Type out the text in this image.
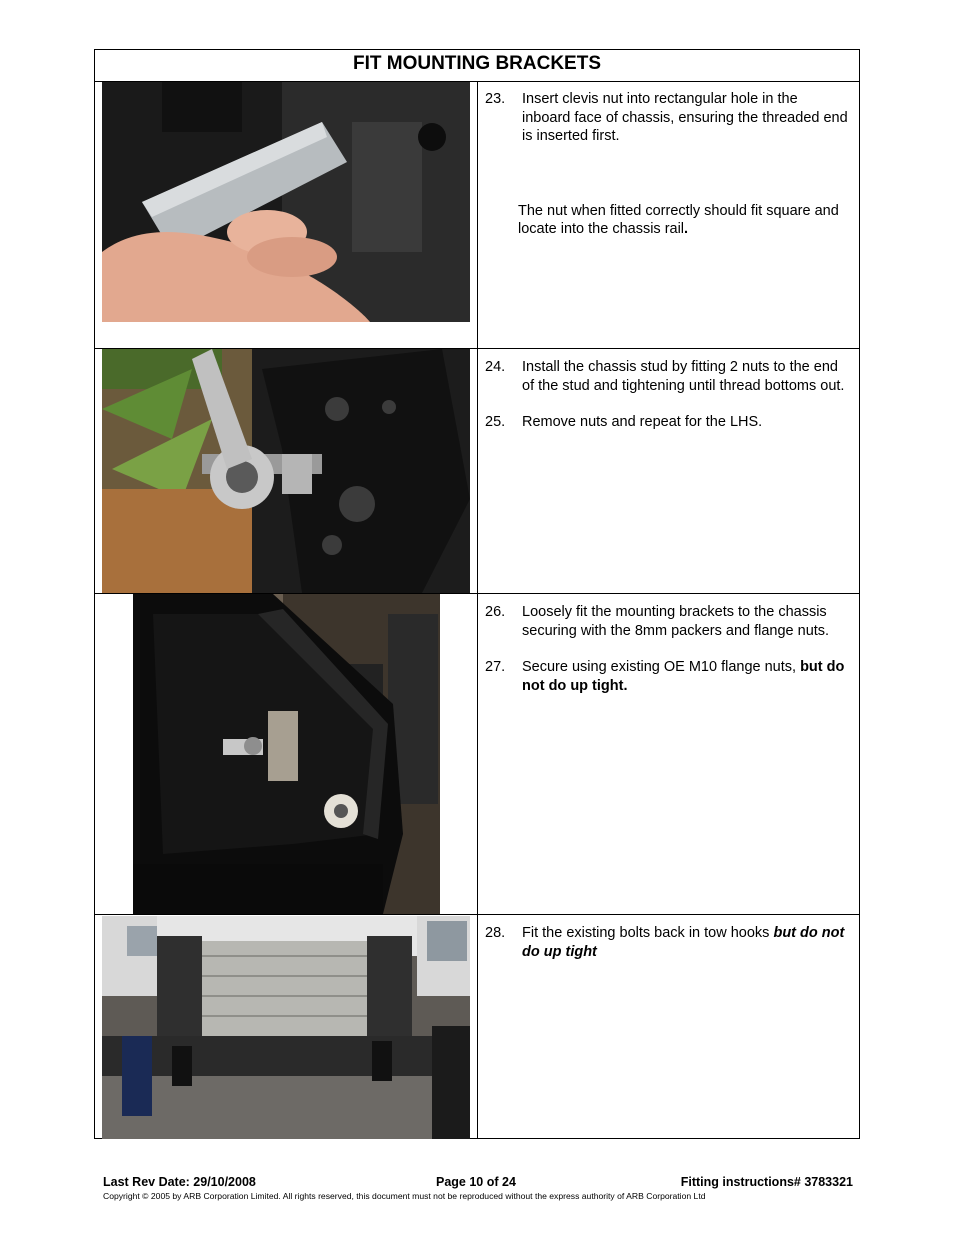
FIT MOUNTING BRACKETS

23. Insert clevis nut into rectangular hole in the inboard face of chassis, ensuring the threaded end is inserted first.

The nut when fitted correctly should fit square and locate into the chassis rail.

24. Install the chassis stud by fitting 2 nuts to the end of the stud and tightening until thread bottoms out.

25. Remove nuts and repeat for the LHS.

26. Loosely fit the mounting brackets to the chassis securing with the 8mm packers and flange nuts.

27. Secure using existing OE M10 flange nuts, but do not do up tight.

28. Fit the existing bolts back in tow hooks but do not do up tight

Last Rev Date: 29/10/2008	Page 10 of 24	Fitting instructions# 3783321
Copyright © 2005 by ARB Corporation Limited. All rights reserved, this document must not be reproduced without the express authority of ARB Corporation Ltd
